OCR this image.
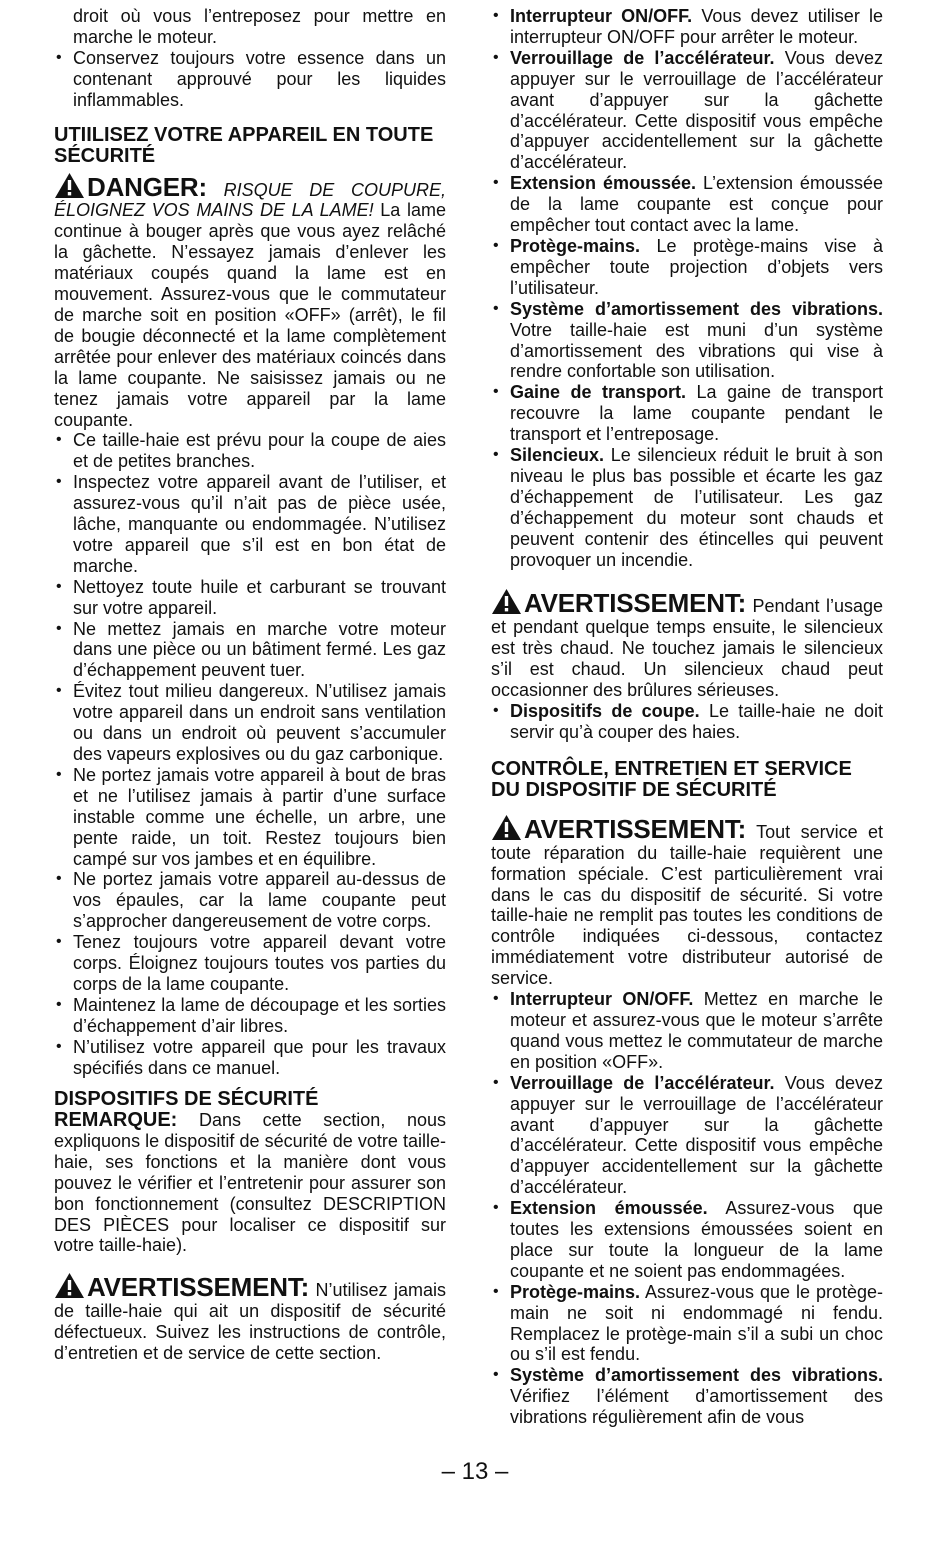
droit où vous l’entreposez pour mettre en marche le moteur.
• Conservez toujours votre essence dans un contenant approuvé pour les liquides inflammables.
UTIILISEZ VOTRE APPAREIL EN TOUTE SÉCURITÉ

DANGER: RISQUE DE COUPURE, ÉLOIGNEZ VOS MAINS DE LA LAME! La lame continue à bouger après que vous ayez relâché la gâchette. N’essayez jamais d’enlever les matériaux coupés quand la lame est en mouvement. Assurez-vous que le commutateur de marche soit en position «OFF» (arrêt), le fil de bougie déconnecté et la lame complètement arrêtée pour enlever des matériaux coincés dans la lame coupante. Ne saisissez jamais ou ne tenez jamais votre appareil par la lame coupante.

• Ce taille-haie est prévu pour la coupe de aies et de petites branches.
• Inspectez votre appareil avant de l’utiliser, et assurez-vous qu’il n’ait pas de pièce usée, lâche, manquante ou endommagée. N’utilisez votre appareil que s’il est en bon état de marche.
• Nettoyez toute huile et carburant se trouvant sur votre appareil.
• Ne mettez jamais en marche votre moteur dans une pièce ou un bâtiment fermé. Les gaz d’échappement peuvent tuer.
• Évitez tout milieu dangereux. N’utilisez jamais votre appareil dans un endroit sans ventilation ou dans un endroit où peuvent s’accumuler des vapeurs explosives ou du gaz carbonique.
• Ne portez jamais votre appareil à bout de bras et ne l’utilisez jamais à partir d’une surface instable comme une échelle, un arbre, une pente raide, un toit. Restez toujours bien campé sur vos jambes et en équilibre.
• Ne portez jamais votre appareil au-dessus de vos épaules, car la lame coupante peut s’approcher dangereusement de votre corps.
• Tenez toujours votre appareil devant votre corps. Éloignez toujours toutes vos parties du corps de la lame coupante.
• Maintenez la lame de découpage et les sorties d’échappement d’air libres.
• N’utilisez votre appareil que pour les travaux spécifiés dans ce manuel.
DISPOSITIFS DE SÉCURITÉ

REMARQUE: Dans cette section, nous expliquons le dispositif de sécurité de votre taille-haie, ses fonctions et la manière dont vous pouvez le vérifier et l’entretenir pour assurer son bon fonctionnement (consultez DESCRIPTION DES PIÈCES pour localiser ce dispositif sur votre taille-haie).

AVERTISSEMENT: N’utilisez jamais de taille-haie qui ait un dispositif de sécurité défectueux. Suivez les instructions de contrôle, d’entretien et de service de cette section.

• Interrupteur ON/OFF. Vous devez utiliser le interrupteur ON/OFF pour arrêter le moteur.
• Verrouillage de l’accélérateur. Vous devez appuyer sur le verrouillage de l’accélérateur avant d’appuyer sur la gâchette d’accélérateur. Cette dispositif vous empêche d’appuyer accidentellement sur la gâchette d’accélérateur.
• Extension émoussée. L’extension émoussée de la lame coupante est conçue pour empêcher tout contact avec la lame.
• Protège-mains. Le protège-mains vise à empêcher toute projection d’objets vers l’utilisateur.
• Système d’amortissement des vibrations. Votre taille-haie est muni d’un système d’amortissement des vibrations qui vise à rendre confortable son utilisation.
• Gaine de transport. La gaine de transport recouvre la lame coupante pendant le transport et l’entreposage.
• Silencieux. Le silencieux réduit le bruit à son niveau le plus bas possible et écarte les gaz d’échappement de l’utilisateur. Les gaz d’échappement du moteur sont chauds et peuvent contenir des étincelles qui peuvent provoquer un incendie.

AVERTISSEMENT: Pendant l’usage et pendant quelque temps ensuite, le silencieux est très chaud. Ne touchez jamais le silencieux s’il est chaud. Un silencieux chaud peut occasionner des brûlures sérieuses.

• Dispositifs de coupe. Le taille-haie ne doit servir qu’à couper des haies.
CONTRÔLE, ENTRETIEN ET SERVICE DU DISPOSITIF DE SÉCURITÉ

AVERTISSEMENT: Tout service et toute réparation du taille-haie requièrent une formation spéciale. C’est particulièrement vrai dans le cas du dispositif de sécurité. Si votre taille-haie ne remplit pas toutes les conditions de contrôle indiquées ci-dessous, contactez immédiatement votre distributeur autorisé de service.

• Interrupteur ON/OFF. Mettez en marche le moteur et assurez-vous que le moteur s’arrête quand vous mettez le commutateur de marche en position «OFF».
• Verrouillage de l’accélérateur. Vous devez appuyer sur le verrouillage de l’accélérateur avant d’appuyer sur la gâchette d’accélérateur. Cette dispositif vous empêche d’appuyer accidentellement sur la gâchette d’accélérateur.
• Extension émoussée. Assurez-vous que toutes les extensions émoussées soient en place sur toute la longueur de la lame coupante et ne soient pas endommagées.
• Protège-mains. Assurez-vous que le protège-main ne soit ni endommagé ni fendu. Remplacez le protège-main s’il a subi un choc ou s’il est fendu.
• Système d’amortissement des vibrations. Vérifiez l’élément d’amortissement des vibrations régulièrement afin de vous
– 13 –
